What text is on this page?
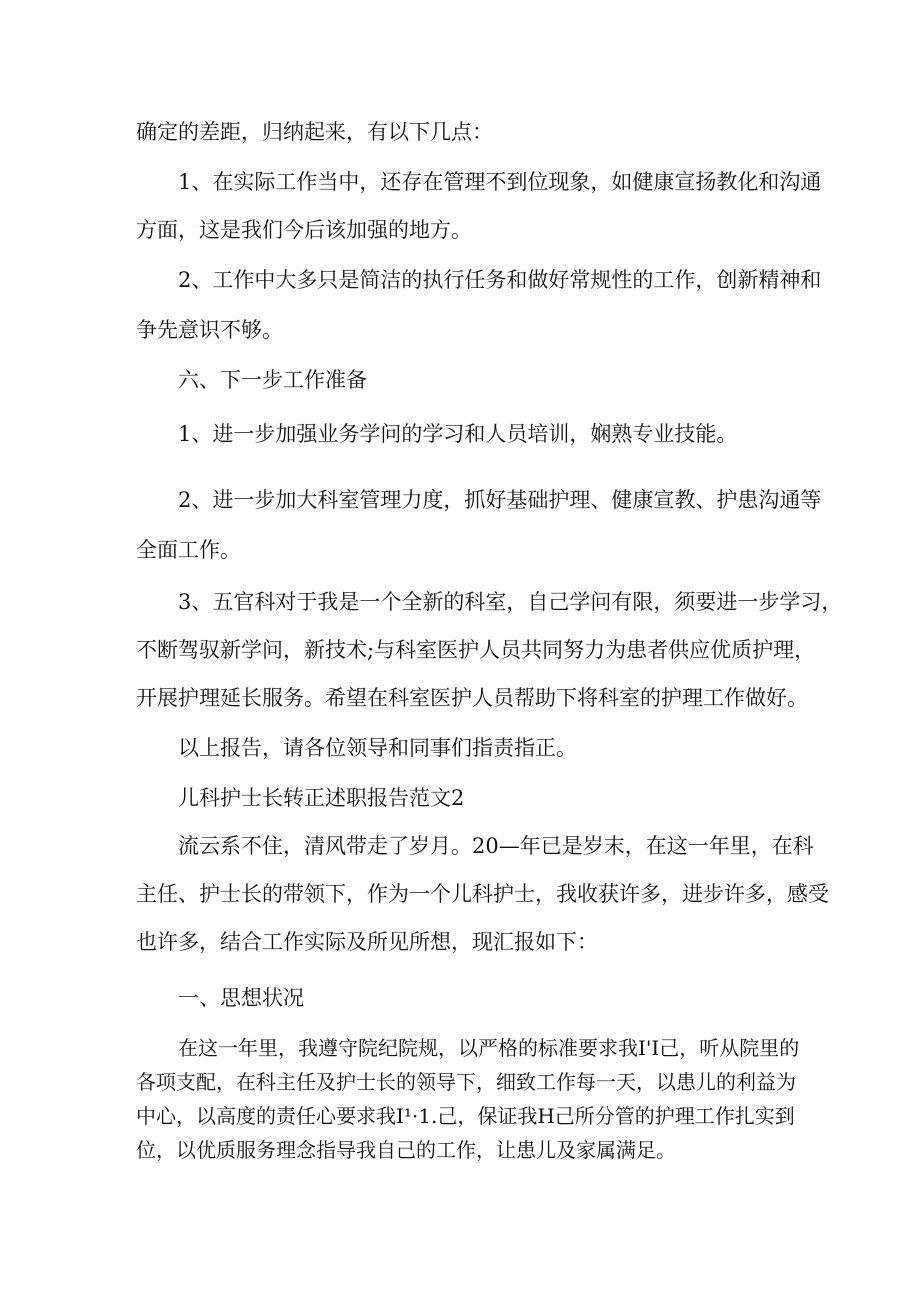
确定的差距，归纳起来，有以下几点：
1、在实际工作当中，还存在管理不到位现象，如健康宣扬教化和沟通
方面，这是我们今后该加强的地方。
2、工作中大多只是简洁的执行任务和做好常规性的工作，创新精神和
争先意识不够。
六、下一步工作准备
1、进一步加强业务学问的学习和人员培训，娴熟专业技能。
2、进一步加大科室管理力度，抓好基础护理、健康宣教、护患沟通等
全面工作。
3、五官科对于我是一个全新的科室，自己学问有限，须要进一步学习，
不断驾驭新学问，新技术;与科室医护人员共同努力为患者供应优质护理，
开展护理延长服务。希望在科室医护人员帮助下将科室的护理工作做好。
以上报告，请各位领导和同事们指责指正。
儿科护士长转正述职报告范文2
流云系不住，清风带走了岁月。20—年已是岁末，在这一年里，在科
主任、护士长的带领下，作为一个儿科护士，我收获许多，进步许多，感受
也许多，结合工作实际及所见所想，现汇报如下：
一、思想状况
在这一年里，我遵守院纪院规，以严格的标准要求我I'I己，听从院里的
各项支配，在科主任及护士长的领导下，细致工作每一天，以患儿的利益为
中心，以高度的责任心要求我I¹·1.己，保证我H己所分管的护理工作扎实到
位，以优质服务理念指导我自己的工作，让患儿及家属满足。
